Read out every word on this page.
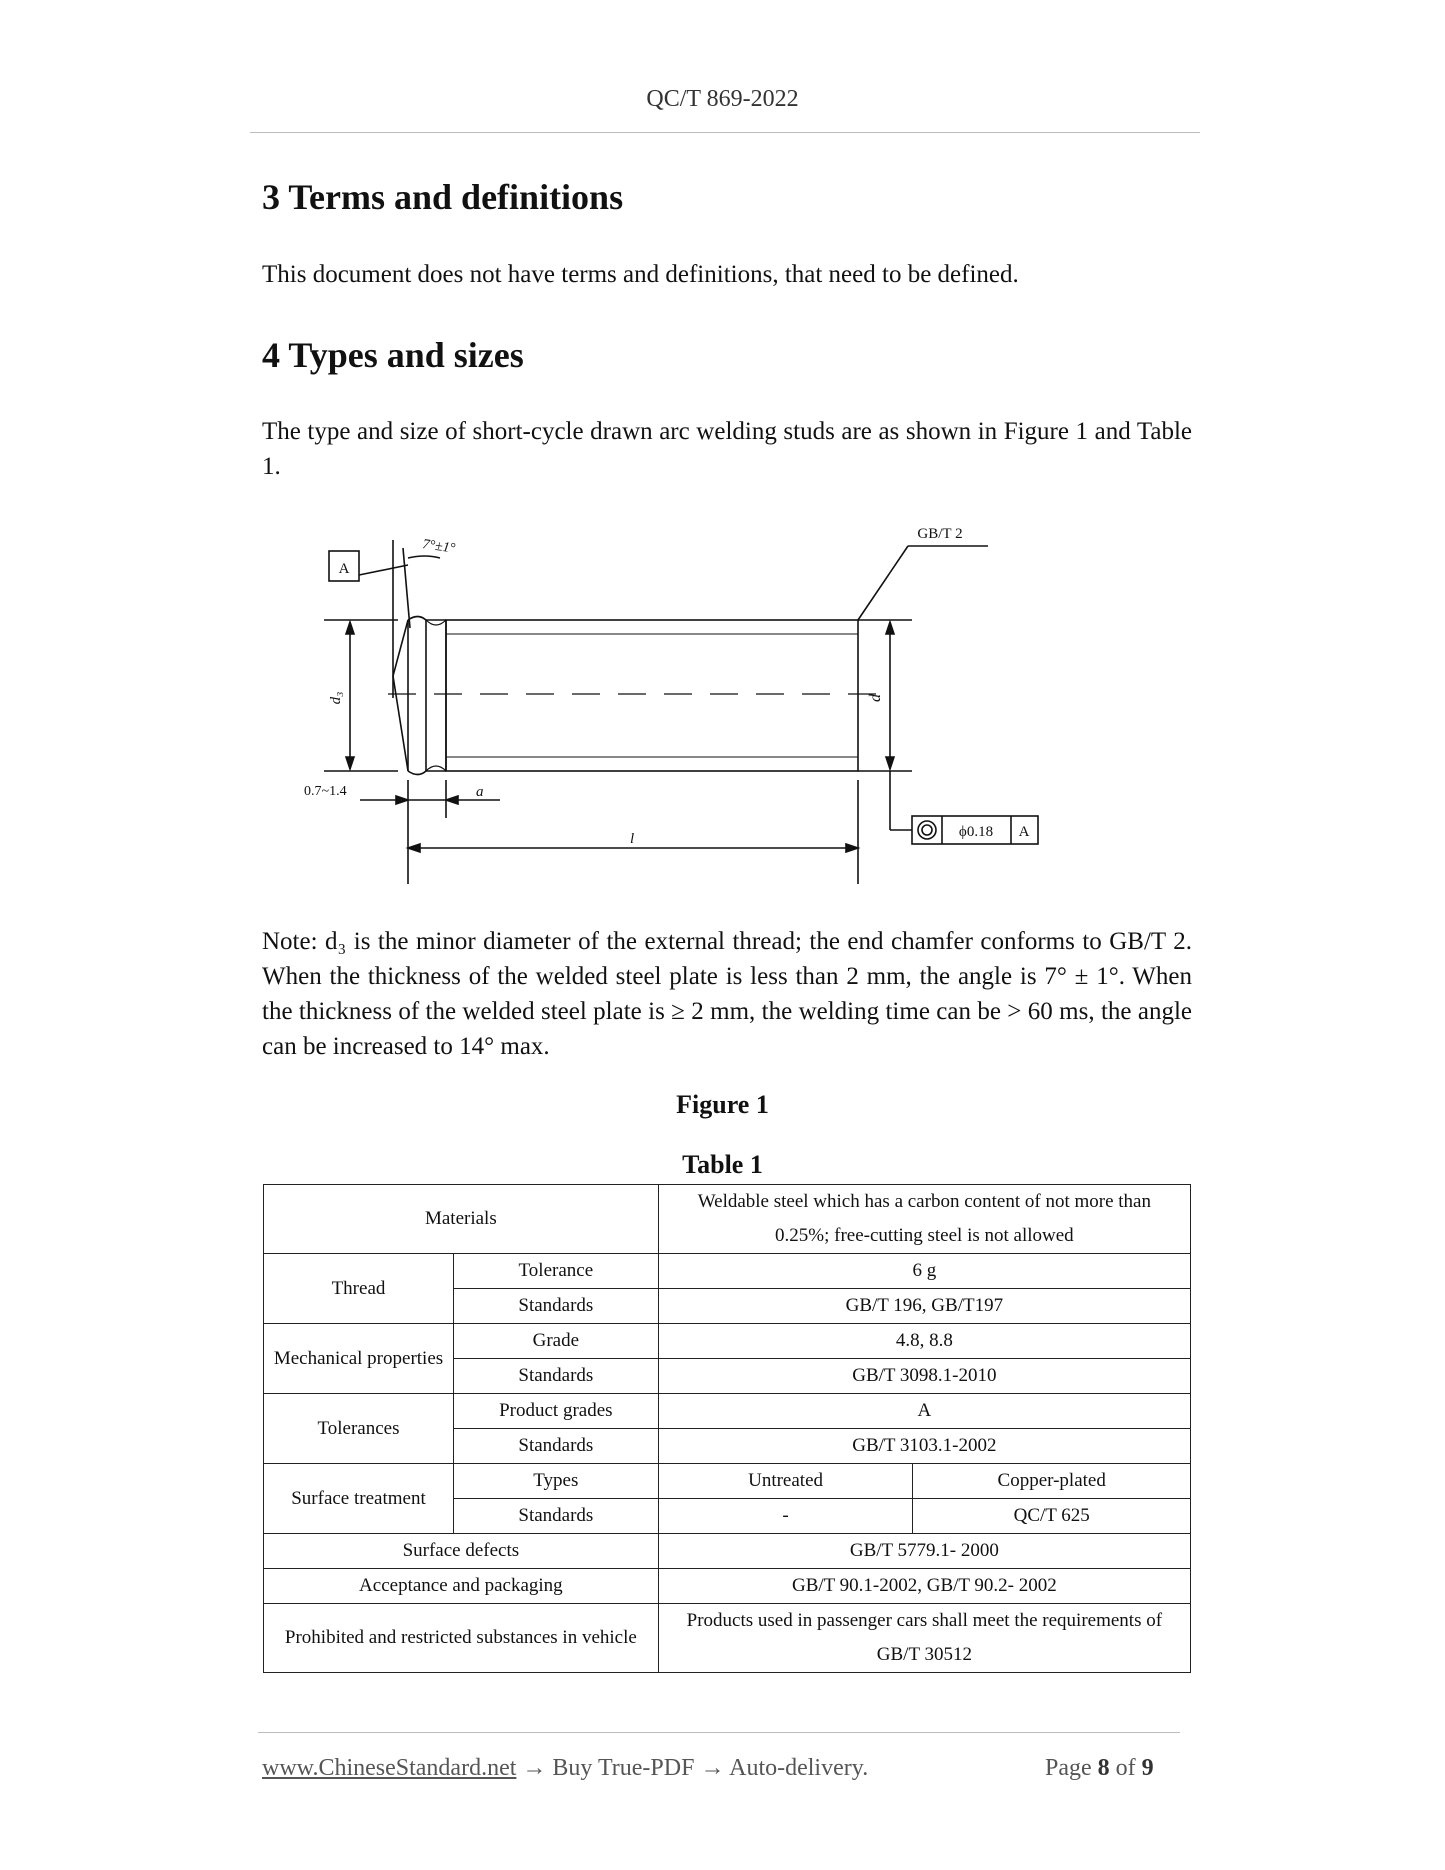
QC/T 869-2022
3 Terms and definitions

This document does not have terms and definitions, that need to be defined.

4 Types and sizes

The type and size of short-cycle drawn arc welding studs are as shown in Figure 1 and Table 1.

A
7°±1°
GB/T 2
d₃	d
0.7~1.4	a
l	ϕ0.18 A

Note: d₃ is the minor diameter of the external thread; the end chamfer conforms to GB/T 2. When the thickness of the welded steel plate is less than 2 mm, the angle is 7° ± 1°. When the thickness of the welded steel plate is ≥ 2 mm, the welding time can be > 60 ms, the angle can be increased to 14° max.

Figure 1
Table 1
Materials		Weldable steel which has a carbon content of not more than 0.25%; free-cutting steel is not allowed	
Thread	Tolerance	6 g	
	Standards	GB/T 196, GB/T197	
Mechanical properties	Grade	4.8, 8.8	
	Standards	GB/T 3098.1-2010	
Tolerances	Product grades	A	
	Standards	GB/T 3103.1-2002	
Surface treatment	Types	Untreated	Copper-plated
	Standards	-	QC/T 625
Surface defects		GB/T 5779.1- 2000	
Acceptance and packaging		GB/T 90.1-2002, GB/T 90.2- 2002	
Prohibited and restricted substances in vehicle		Products used in passenger cars shall meet the requirements of GB/T 30512	
www.ChineseStandard.net → Buy True-PDF → Auto-delivery.	Page 8 of 9
